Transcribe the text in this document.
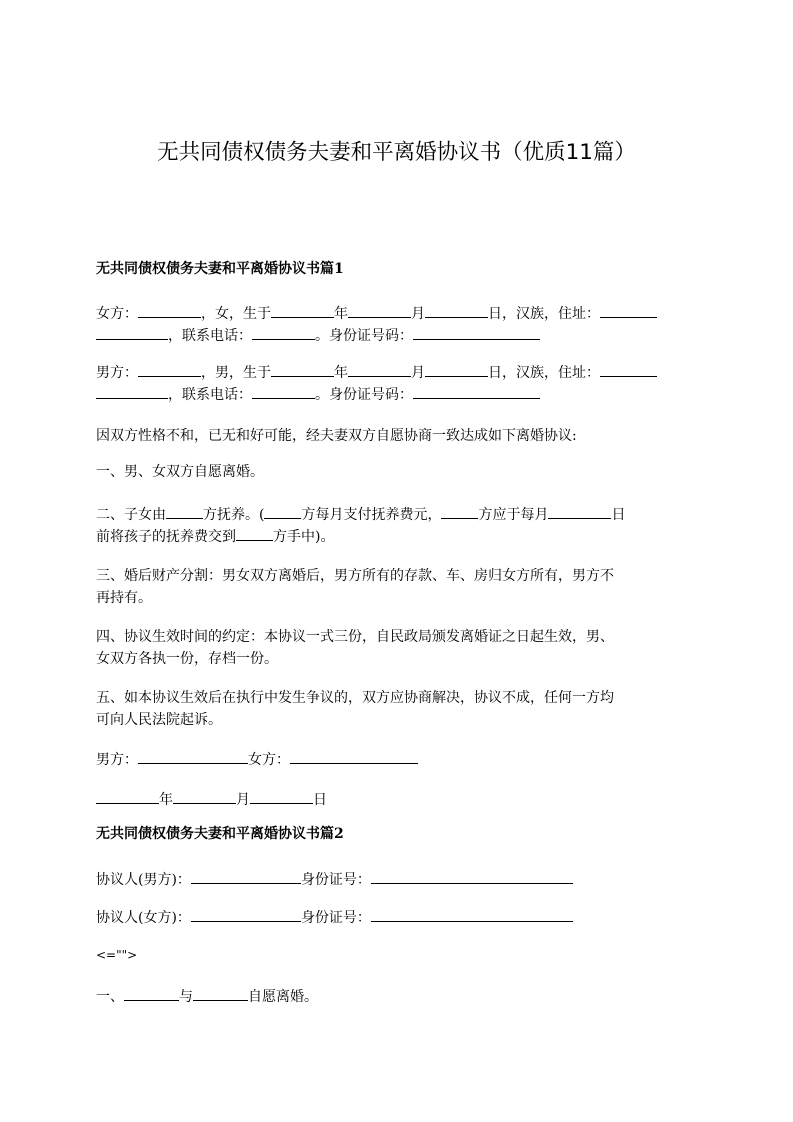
无共同债权债务夫妻和平离婚协议书（优质11篇）
无共同债权债务夫妻和平离婚协议书篇1
女方：	，女，生于	年	月	日，汉族，住址：
，联系电话：	。身份证号码：
男方：	，男，生于	年	月	日，汉族，住址：
，联系电话：	。身份证号码：
因双方性格不和，已无和好可能，经夫妻双方自愿协商一致达成如下离婚协议:
一、男、女双方自愿离婚。
二、子女由	方抚养。(	方每月支付抚养费元，	方应于每月	日
前将孩子的抚养费交到	方手中)。
三、婚后财产分割：男女双方离婚后，男方所有的存款、车、房归女方所有，男方不
再持有。
四、协议生效时间的约定：本协议一式三份，自民政局颁发离婚证之日起生效，男、
女双方各执一份，存档一份。
五、如本协议生效后在执行中发生争议的，双方应协商解决，协议不成，任何一方均
可向人民法院起诉。
男方：	女方：
年	月	日
无共同债权债务夫妻和平离婚协议书篇2
协议人(男方)：	身份证号：
协议人(女方)：	身份证号：
<="">
一、	与	自愿离婚。
